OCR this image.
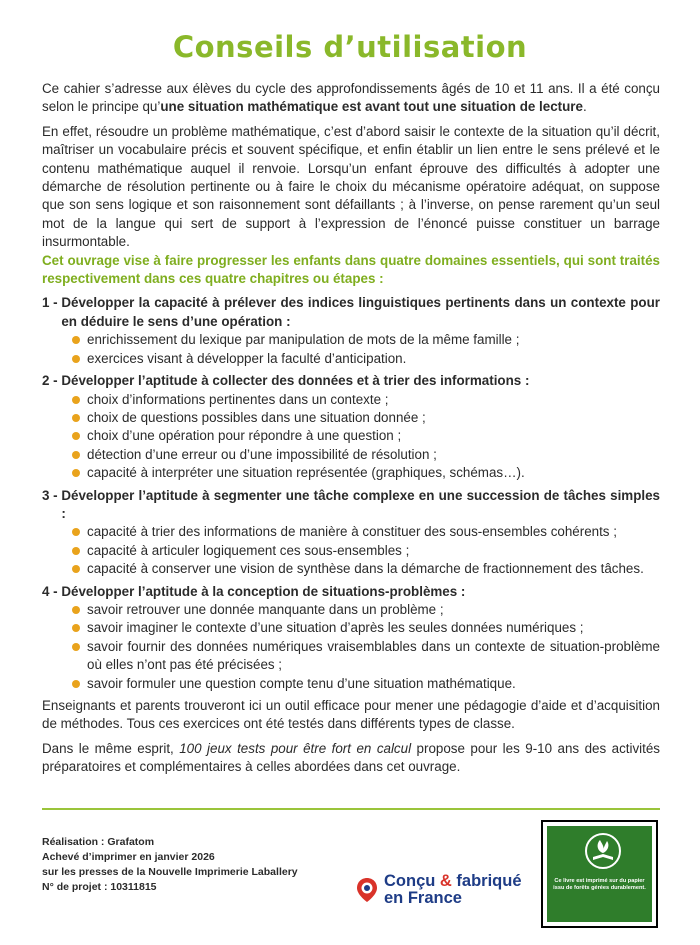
Conseils d’utilisation

Ce cahier s’adresse aux élèves du cycle des approfondissements âgés de 10 et 11 ans. Il a été conçu selon le principe qu’une situation mathématique est avant tout une situation de lecture.

En effet, résoudre un problème mathématique, c’est d’abord saisir le contexte de la situation qu’il décrit, maîtriser un vocabulaire précis et souvent spécifique, et enfin établir un lien entre le sens prélevé et le contenu mathématique auquel il renvoie. Lorsqu’un enfant éprouve des difficultés à adopter une démarche de résolution pertinente ou à faire le choix du mécanisme opératoire adéquat, on suppose que son sens logique et son raisonnement sont défaillants ; à l’inverse, on pense rarement qu’un seul mot de la langue qui sert de support à l’expression de l’énoncé puisse constituer un barrage insurmontable.

Cet ouvrage vise à faire progresser les enfants dans quatre domaines essentiels, qui sont traités respectivement dans ces quatre chapitres ou étapes :

1 - Développer la capacité à prélever des indices linguistiques pertinents dans un contexte pour en déduire le sens d’une opération :
enrichissement du lexique par manipulation de mots de la même famille ;
exercices visant à développer la faculté d’anticipation.
2 - Développer l’aptitude à collecter des données et à trier des informations :
choix d’informations pertinentes dans un contexte ;
choix de questions possibles dans une situation donnée ;
choix d’une opération pour répondre à une question ;
détection d’une erreur ou d’une impossibilité de résolution ;
capacité à interpréter une situation représentée (graphiques, schémas…).
3 - Développer l’aptitude à segmenter une tâche complexe en une succession de tâches simples :
capacité à trier des informations de manière à constituer des sous-ensembles cohérents ;
capacité à articuler logiquement ces sous-ensembles ;
capacité à conserver une vision de synthèse dans la démarche de fractionnement des tâches.
4 - Développer l’aptitude à la conception de situations-problèmes :
savoir retrouver une donnée manquante dans un problème ;
savoir imaginer le contexte d’une situation d’après les seules données numériques ;
savoir fournir des données numériques vraisemblables dans un contexte de situation-problème où elles n’ont pas été précisées ;
savoir formuler une question compte tenu d’une situation mathématique.

Enseignants et parents trouveront ici un outil efficace pour mener une pédagogie d’aide et d’acquisition de méthodes. Tous ces exercices ont été testés dans différents types de classe.

Dans le même esprit, 100 jeux tests pour être fort en calcul propose pour les 9-10 ans des activités préparatoires et complémentaires à celles abordées dans cet ouvrage.

Réalisation : Grafatom
Achevé d’imprimer en janvier 2026
sur les presses de la Nouvelle Imprimerie Laballery
N° de projet : 10311815	Conçu & fabriqué
en France
Ce livre est imprimé sur du papier issu de forêts gérées durablement.
